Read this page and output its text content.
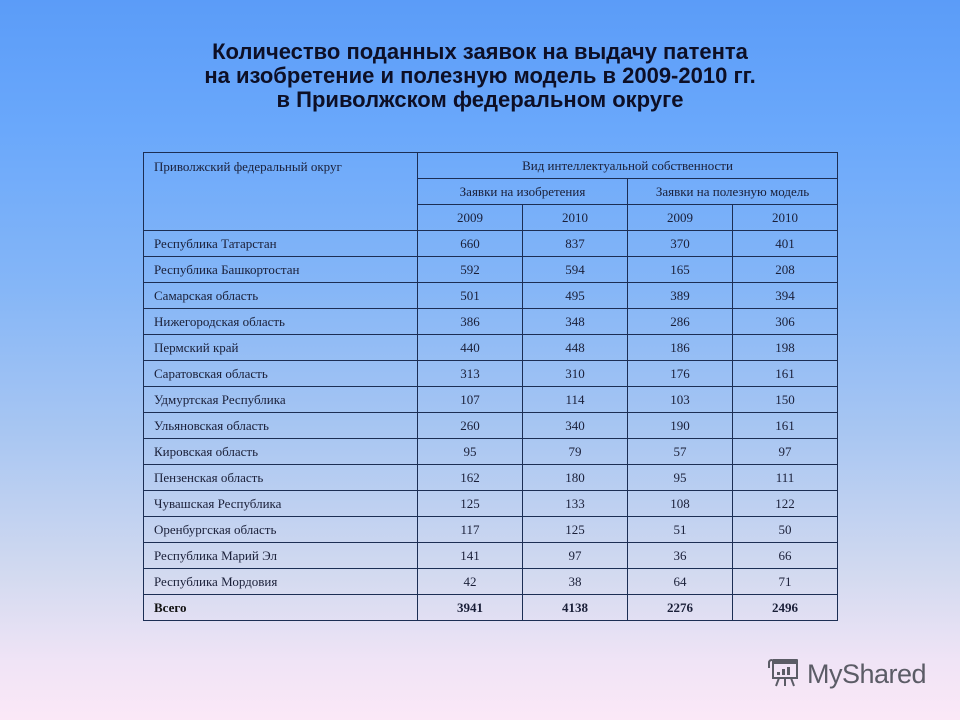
Количество поданных заявок на выдачу патента
на изобретение и полезную модель в 2009-2010 гг.
в Приволжском федеральном округе
Приволжский федеральный округ	Вид интеллектуальной собственности			
	Заявки на изобретения		Заявки на полезную модель	
	2009	2010	2009	2010
Республика Татарстан	660	837	370	401
Республика Башкортостан	592	594	165	208
Самарская область	501	495	389	394
Нижегородская область	386	348	286	306
Пермский край	440	448	186	198
Саратовская область	313	310	176	161
Удмуртская Республика	107	114	103	150
Ульяновская область	260	340	190	161
Кировская область	95	79	57	97
Пензенская область	162	180	95	111
Чувашская Республика	125	133	108	122
Оренбургская область	117	125	51	50
Республика Марий Эл	141	97	36	66
Республика Мордовия	42	38	64	71
Всего	3941	4138	2276	2496
MyShared
